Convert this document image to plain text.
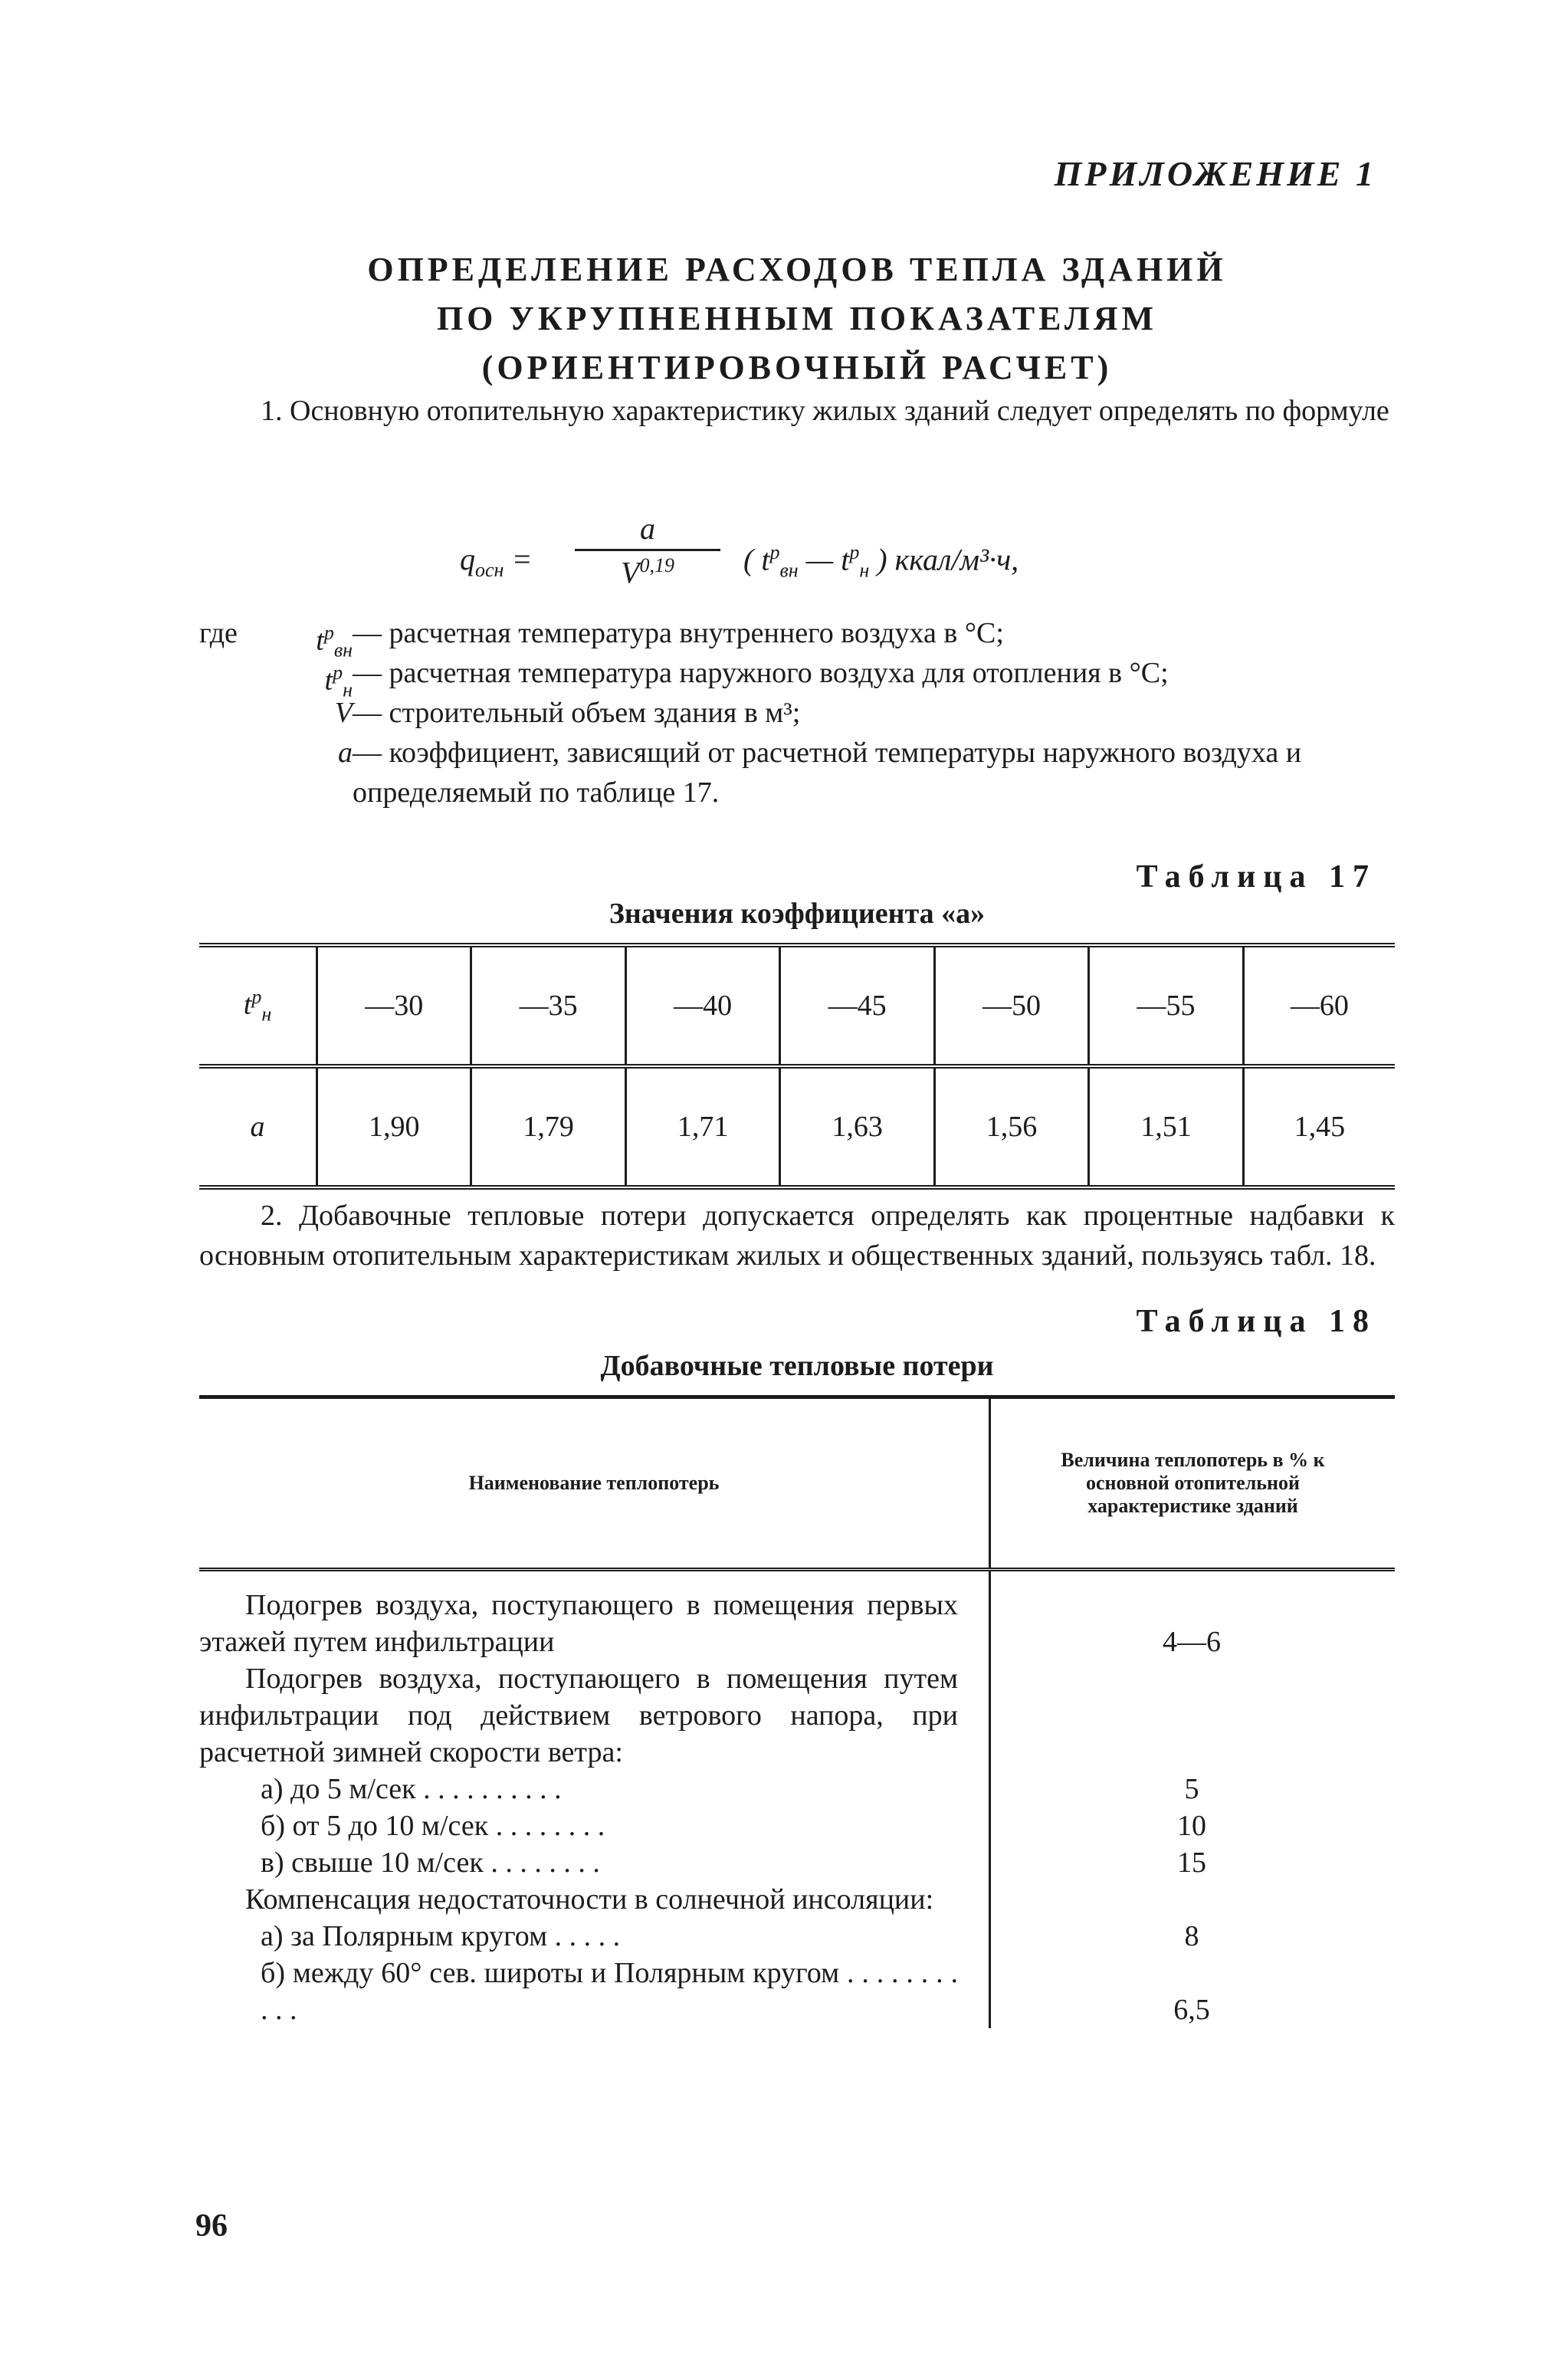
ПРИЛОЖЕНИЕ 1
ОПРЕДЕЛЕНИЕ РАСХОДОВ ТЕПЛА ЗДАНИЙ
ПО УКРУПНЕННЫМ ПОКАЗАТЕЛЯМ
(ОРИЕНТИРОВОЧНЫЙ РАСЧЕТ)
1. Основную отопительную характеристику жилых зданий следует определять по формуле
$q_{осн}$ =
a
V$^{0,19}$	( $t^р_{вн}$ — $t^р_н$ ) ккал/м³·ч,
где	$t^р_{вн}$
— расчетная температура внутреннего воздуха в °С;
$t^р_н$
— расчетная температура наружного воздуха для отопления в °С;
V — строительный объем здания в м³;
a — коэффициент, зависящий от расчетной температуры наружного воздуха и определяемый по таблице 17.
Таблица 17
Значения коэффициента «а»
$t^р_н$	—30	—35	—40	—45	—50	—55	—60
a	1,90	1,79	1,71	1,63	1,56	1,51	1,45
2. Добавочные тепловые потери допускается определять как процентные надбавки к основным отопительным характеристикам жилых и общественных зданий, пользуясь табл. 18.
Таблица 18
Добавочные тепловые потери
Наименование теплопотерь
Величина теплопотерь в % к основной отопительной характеристике зданий
Подогрев воздуха, поступающего в помещения первых этажей путем инфильтрации	4—6
Подогрев воздуха, поступающего в помещения путем инфильтрации под действием ветрового напора, при расчетной зимней скорости ветра:
а) до 5 м/сек . . . . . . . . . .	5
б) от 5 до 10 м/сек . . . . . . . .	10
в) свыше 10 м/сек . . . . . . . .	15
Компенсация недостаточности в солнечной инсоляции:
а) за Полярным кругом . . . . .	8
б) между 60° сев. широты и Полярным кругом . . . . . . . . . . .	6,5
96
